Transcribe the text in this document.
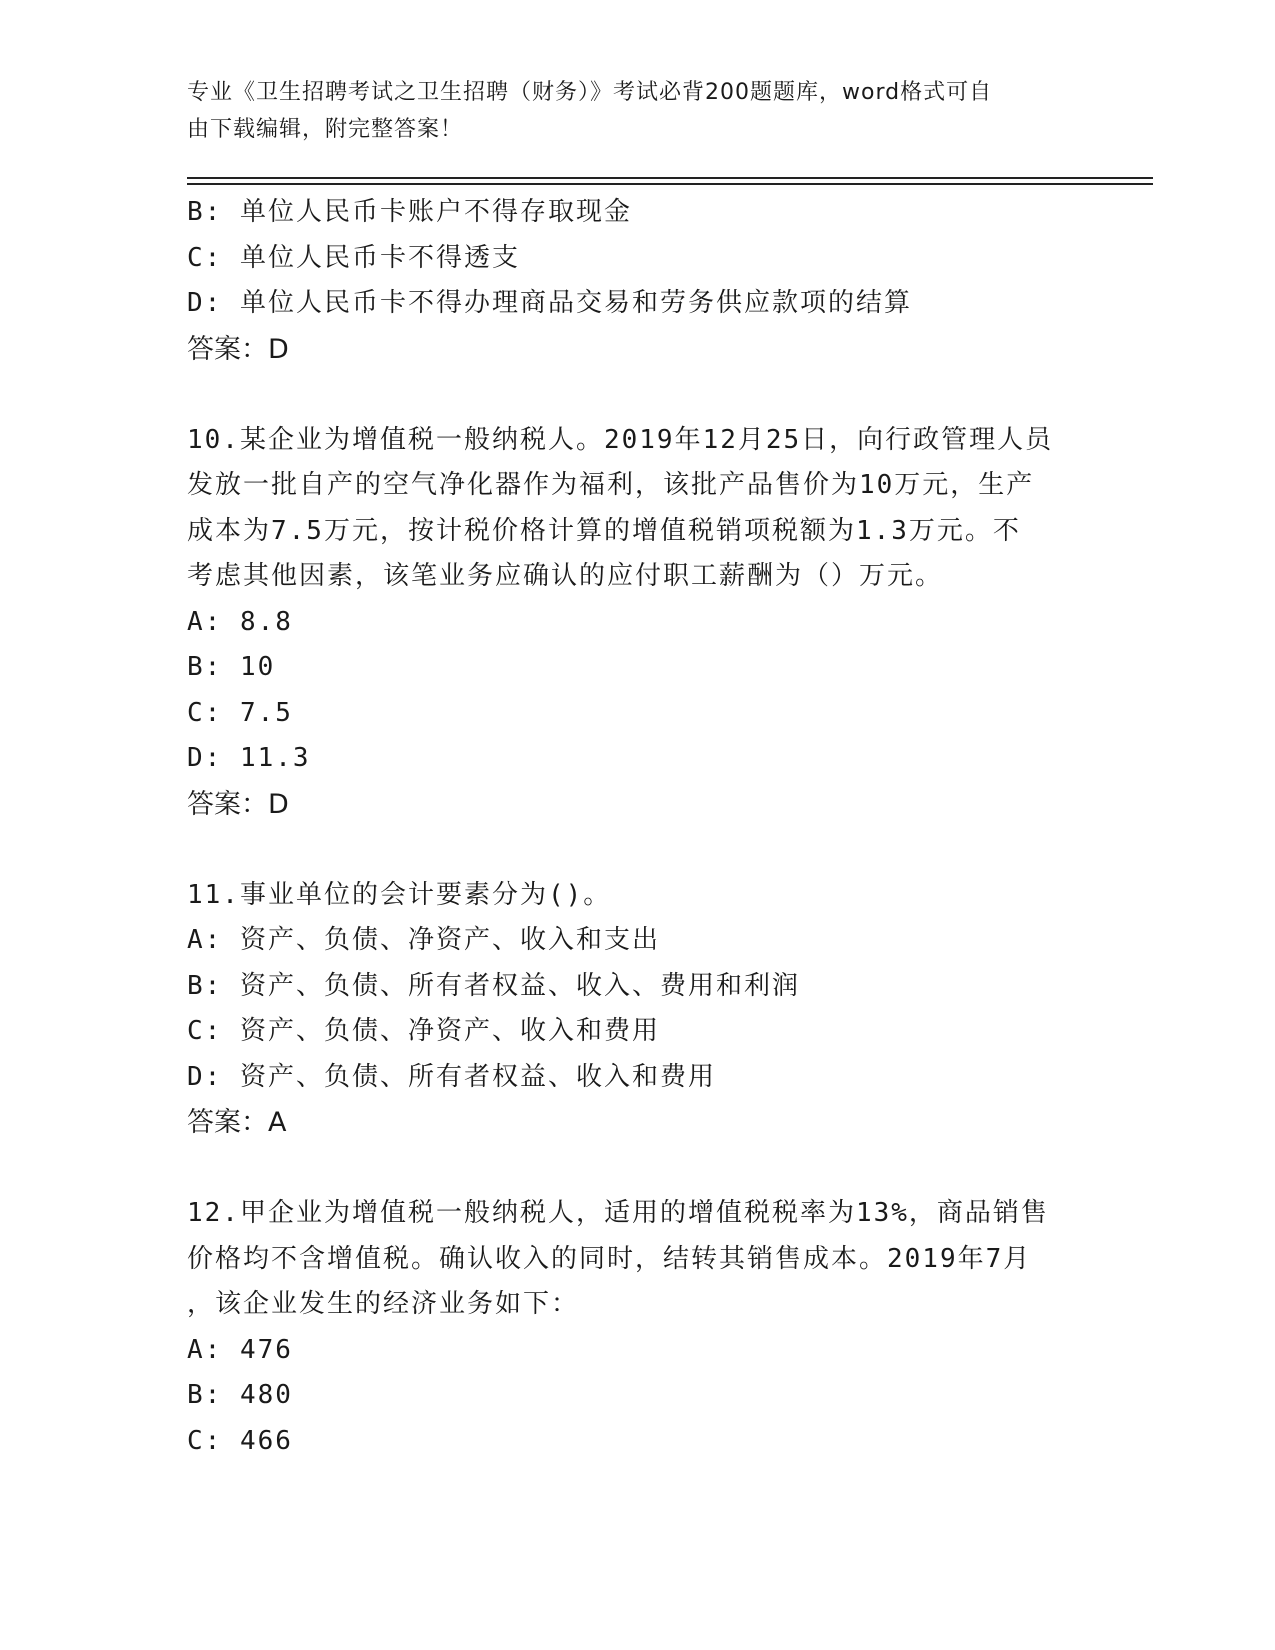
专业《卫生招聘考试之卫生招聘（财务）》考试必背200题题库，word格式可自
由下载编辑，附完整答案！
B: 单位人民币卡账户不得存取现金
C: 单位人民币卡不得透支
D: 单位人民币卡不得办理商品交易和劳务供应款项的结算
答案：D
10.某企业为增值税一般纳税人。2019年12月25日，向行政管理人员
发放一批自产的空气净化器作为福利，该批产品售价为10万元，生产
成本为7.5万元，按计税价格计算的增值税销项税额为1.3万元。不
考虑其他因素，该笔业务应确认的应付职工薪酬为（）万元。
A: 8.8
B: 10
C: 7.5
D: 11.3
答案：D
11.事业单位的会计要素分为()。
A: 资产、负债、净资产、收入和支出
B: 资产、负债、所有者权益、收入、费用和利润
C: 资产、负债、净资产、收入和费用
D: 资产、负债、所有者权益、收入和费用
答案：A
12.甲企业为增值税一般纳税人，适用的增值税税率为13%，商品销售
价格均不含增值税。确认收入的同时，结转其销售成本。2019年7月
，该企业发生的经济业务如下：
A: 476
B: 480
C: 466
